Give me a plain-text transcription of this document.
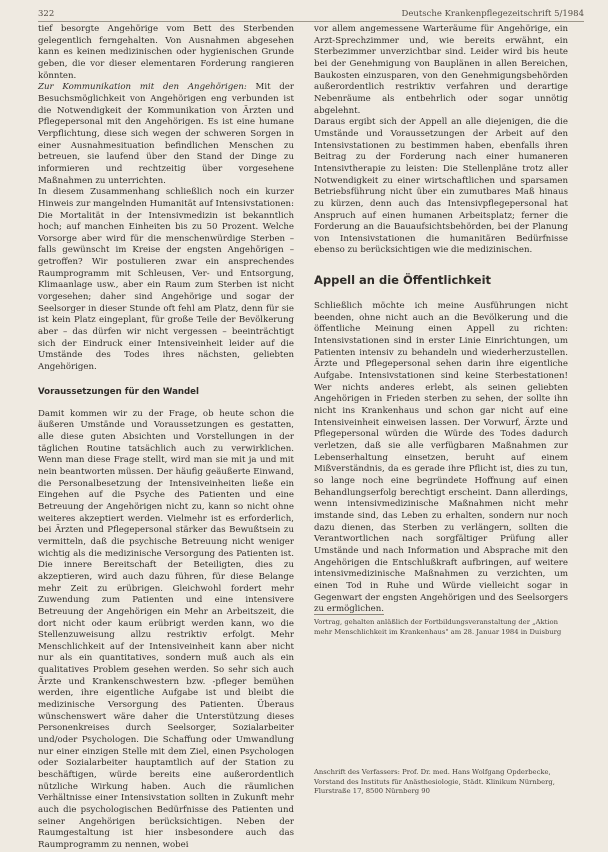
322	Deutsche Krankenpflegezeitschrift 5/1984

tief besorgte Angehörige vom Bett des Sterbenden gelegentlich ferngehalten. Von Ausnahmen abgesehen kann es keinen medizinischen oder hygienischen Grunde geben, die vor dieser elementaren Forderung rangieren könnten.

Zur Kommunikation mit den Angehörigen: Mit der Besuchsmöglichkeit von Angehörigen eng verbunden ist die Notwendigkeit der Kommunikation von Ärzten und Pflegepersonal mit den Angehörigen. Es ist eine humane Verpflichtung, diese sich wegen der schweren Sorgen in einer Ausnahmesituation befindlichen Menschen zu betreuen, sie laufend über den Stand der Dinge zu informieren und rechtzeitig über vorgesehene Maßnahmen zu unterrichten.

In diesem Zusammenhang schließlich noch ein kurzer Hinweis zur mangelnden Humanität auf Intensivstationen: Die Mortalität in der Intensivmedizin ist bekanntlich hoch; auf manchen Einheiten bis zu 50 Prozent. Welche Vorsorge aber wird für die menschenwürdige Sterben – falls gewünscht im Kreise der engsten Angehörigen – getroffen? Wir postulieren zwar ein ansprechendes Raumprogramm mit Schleusen, Ver- und Entsorgung, Klimaanlage usw., aber ein Raum zum Sterben ist nicht vorgesehen; daher sind Angehörige und sogar der Seelsorger in dieser Stunde oft fehl am Platz, denn für sie ist kein Platz eingeplant, für große Teile der Bevölkerung aber – das dürfen wir nicht vergessen – beeinträchtigt sich der Eindruck einer Intensiveinheit leider auf die Umstände des Todes ihres nächsten, geliebten Angehörigen.

Voraussetzungen für den Wandel

Damit kommen wir zu der Frage, ob heute schon die äußeren Umstände und Voraussetzungen es gestatten, alle diese guten Absichten und Vorstellungen in der täglichen Routine tatsächlich auch zu verwirklichen. Wenn man diese Frage stellt, wird man sie mit ja und mit nein beantworten müssen. Der häufig geäußerte Einwand, die Personalbesetzung der Intensiveinheiten ließe ein Eingehen auf die Psyche des Patienten und eine Betreuung der Angehörigen nicht zu, kann so nicht ohne weiteres akzeptiert werden. Vielmehr ist es erforderlich, bei Ärzten und Pflegepersonal stärker das Bewußtsein zu vermitteln, daß die psychische Betreuung nicht weniger wichtig als die medizinische Versorgung des Patienten ist. Die innere Bereitschaft der Beteiligten, dies zu akzeptieren, wird auch dazu führen, für diese Belange mehr Zeit zu erübrigen. Gleichwohl fordert mehr Zuwendung zum Patienten und eine intensivere Betreuung der Angehörigen ein Mehr an Arbeitszeit, die dort nicht oder kaum erübrigt werden kann, wo die Stellenzuweisung allzu restriktiv erfolgt. Mehr Menschlichkeit auf der Intensiveinheit kann aber nicht nur als ein quantitatives, sondern muß auch als ein qualitatives Problem gesehen werden. So sehr sich auch Ärzte und Krankenschwestern bzw. -pfleger bemühen werden, ihre eigentliche Aufgabe ist und bleibt die medizinische Versorgung des Patienten. Überaus wünschenswert wäre daher die Unterstützung dieses Personenkreises durch Seelsorger, Sozialarbeiter und/oder Psychologen. Die Schaffung oder Umwandlung nur einer einzigen Stelle mit dem Ziel, einen Psychologen oder Sozialarbeiter hauptamtlich auf der Station zu beschäftigen, würde bereits eine außerordentlich nützliche Wirkung haben. Auch die räumlichen Verhältnisse einer Intensivstation sollten in Zukunft mehr auch die psychologischen Bedürfnisse des Patienten und seiner Angehörigen berücksichtigen. Neben der Raumgestaltung ist hier insbesondere auch das Raumprogramm zu nennen, wobei

vor allem angemessene Warteräume für Angehörige, ein Arzt-Sprechzimmer und, wie bereits erwähnt, ein Sterbezimmer unverzichtbar sind. Leider wird bis heute bei der Genehmigung von Bauplänen in allen Bereichen, Baukosten einzusparen, von den Genehmigungsbehörden außerordentlich restriktiv verfahren und derartige Nebenräume als entbehrlich oder sogar unnötig abgelehnt.

Daraus ergibt sich der Appell an alle diejenigen, die die Umstände und Voraussetzungen der Arbeit auf den Intensivstationen zu bestimmen haben, ebenfalls ihren Beitrag zu der Forderung nach einer humaneren Intensivtherapie zu leisten: Die Stellenpläne trotz aller Notwendigkeit zu einer wirtschaftlichen und sparsamen Betriebsführung nicht über ein zumutbares Maß hinaus zu kürzen, denn auch das Intensivpflegepersonal hat Anspruch auf einen humanen Arbeitsplatz; ferner die Forderung an die Bauaufsichtsbehörden, bei der Planung von Intensivstationen die humanitären Bedürfnisse ebenso zu berücksichtigen wie die medizinischen.

Appell an die Öffentlichkeit

Schließlich möchte ich meine Ausführungen nicht beenden, ohne nicht auch an die Bevölkerung und die öffentliche Meinung einen Appell zu richten: Intensivstationen sind in erster Linie Einrichtungen, um Patienten intensiv zu behandeln und wiederherzustellen. Ärzte und Pflegepersonal sehen darin ihre eigentliche Aufgabe. Intensivstationen sind keine Sterbestationen! Wer nichts anderes erlebt, als seinen geliebten Angehörigen in Frieden sterben zu sehen, der sollte ihn nicht ins Krankenhaus und schon gar nicht auf eine Intensiveinheit einweisen lassen. Der Vorwurf, Ärzte und Pflegepersonal würden die Würde des Todes dadurch verletzen, daß sie alle verfügbaren Maßnahmen zur Lebenserhaltung einsetzen, beruht auf einem Mißverständnis, da es gerade ihre Pflicht ist, dies zu tun, so lange noch eine begründete Hoffnung auf einen Behandlungserfolg berechtigt erscheint. Dann allerdings, wenn intensivmedizinische Maßnahmen nicht mehr imstande sind, das Leben zu erhalten, sondern nur noch dazu dienen, das Sterben zu verlängern, sollten die Verantwortlichen nach sorgfältiger Prüfung aller Umstände und nach Information und Absprache mit den Angehörigen die Entschlußkraft aufbringen, auf weitere intensivmedizinische Maßnahmen zu verzichten, um einen Tod in Ruhe und Würde vielleicht sogar in Gegenwart der engsten Angehörigen und des Seelsorgers zu ermöglichen.

Vortrag, gehalten anläßlich der Fortbildungsveranstaltung der „Aktion mehr Menschlichkeit im Krankenhaus" am 28. Januar 1984 in Duisburg
Anschrift des Verfassers: Prof. Dr. med. Hans Wolfgang Opderbecke, Vorstand des Instituts für Anästhesiologie, Städt. Klinikum Nürnberg, Flurstraße 17, 8500 Nürnberg 90
